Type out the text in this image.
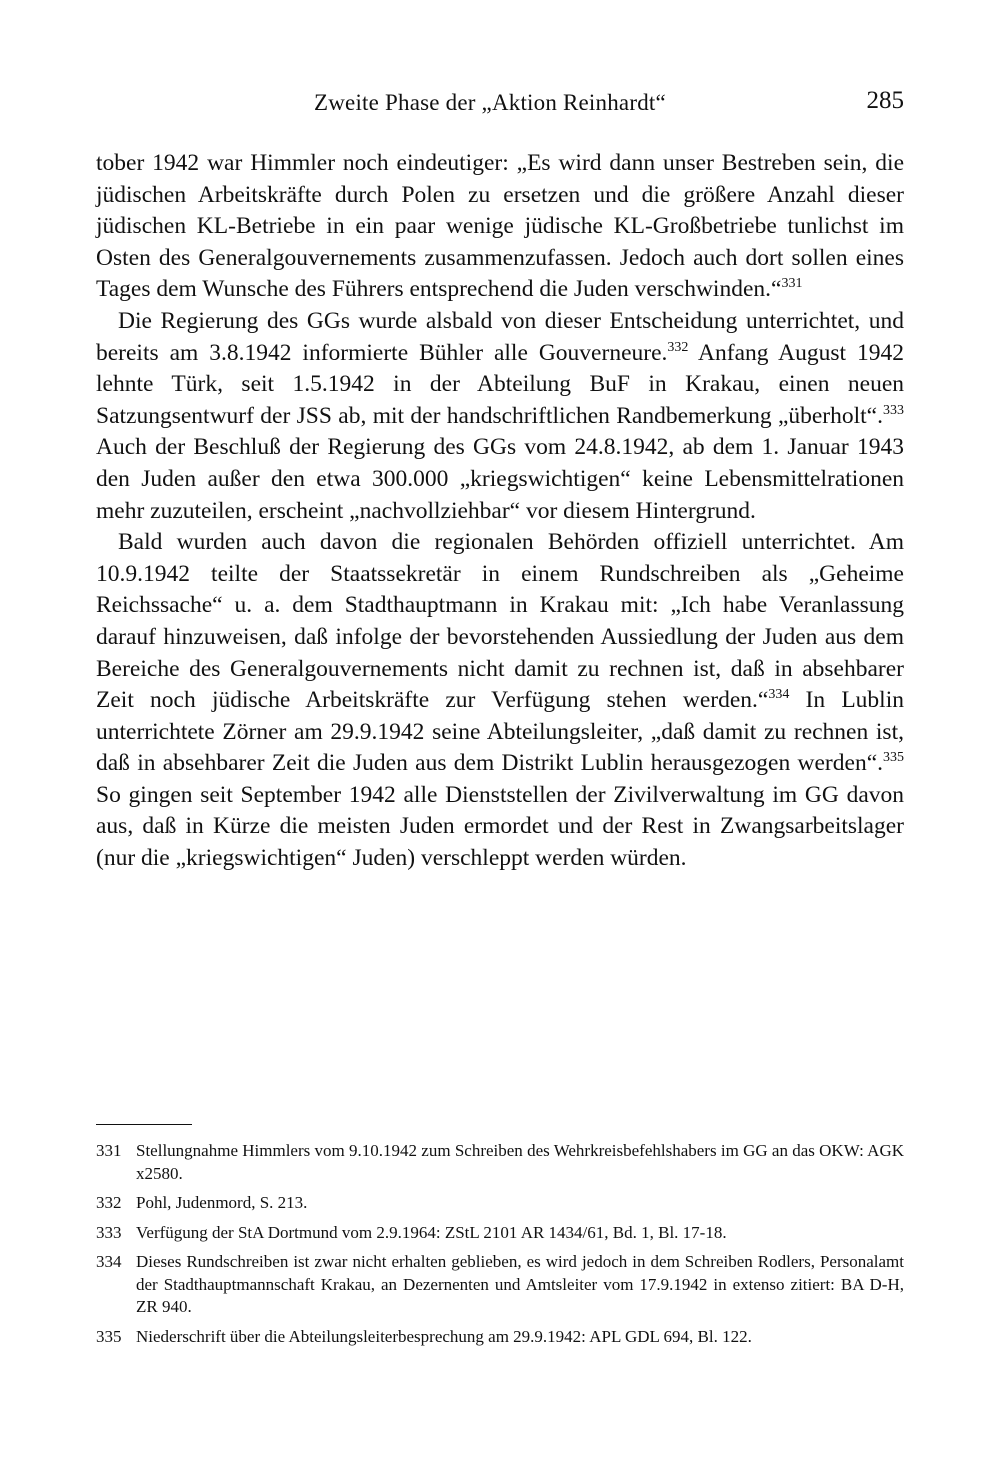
Zweite Phase der „Aktion Reinhardt“	285

tober 1942 war Himmler noch eindeutiger: „Es wird dann unser Bestreben sein, die jüdischen Arbeitskräfte durch Polen zu ersetzen und die größere Anzahl dieser jüdischen KL-Betriebe in ein paar wenige jüdische KL-Großbetriebe tunlichst im Osten des Generalgouvernements zusammenzufassen. Jedoch auch dort sollen eines Tages dem Wunsche des Führers entsprechend die Juden verschwinden.“$^{331}$

Die Regierung des GGs wurde alsbald von dieser Entscheidung unterrichtet, und bereits am 3.8.1942 informierte Bühler alle Gouverneure.$^{332}$ Anfang August 1942 lehnte Türk, seit 1.5.1942 in der Abteilung BuF in Krakau, einen neuen Satzungsentwurf der JSS ab, mit der handschriftlichen Randbemerkung „überholt“.$^{333}$ Auch der Beschluß der Regierung des GGs vom 24.8.1942, ab dem 1. Januar 1943 den Juden außer den etwa 300.000 „kriegswichtigen“ keine Lebensmittelrationen mehr zuzuteilen, erscheint „nachvollziehbar“ vor diesem Hintergrund.

Bald wurden auch davon die regionalen Behörden offiziell unterrichtet. Am 10.9.1942 teilte der Staatssekretär in einem Rundschreiben als „Geheime Reichssache“ u. a. dem Stadthauptmann in Krakau mit: „Ich habe Veranlassung darauf hinzuweisen, daß infolge der bevorstehenden Aussiedlung der Juden aus dem Bereiche des Generalgouvernements nicht damit zu rechnen ist, daß in absehbarer Zeit noch jüdische Arbeitskräfte zur Verfügung stehen werden.“$^{334}$ In Lublin unterrichtete Zörner am 29.9.1942 seine Abteilungsleiter, „daß damit zu rechnen ist, daß in absehbarer Zeit die Juden aus dem Distrikt Lublin herausgezogen werden“.$^{335}$ So gingen seit September 1942 alle Dienststellen der Zivilverwaltung im GG davon aus, daß in Kürze die meisten Juden ermordet und der Rest in Zwangsarbeitslager (nur die „kriegswichtigen“ Juden) verschleppt werden würden.

331 Stellungnahme Himmlers vom 9.10.1942 zum Schreiben des Wehrkreisbefehlshabers im GG an das OKW: AGK x2580.
332 Pohl, Judenmord, S. 213.
333 Verfügung der StA Dortmund vom 2.9.1964: ZStL 2101 AR 1434/61, Bd. 1, Bl. 17-18.
334 Dieses Rundschreiben ist zwar nicht erhalten geblieben, es wird jedoch in dem Schreiben Rodlers, Personalamt der Stadthauptmannschaft Krakau, an Dezernenten und Amtsleiter vom 17.9.1942 in extenso zitiert: BA D-H, ZR 940.
335 Niederschrift über die Abteilungsleiterbesprechung am 29.9.1942: APL GDL 694, Bl. 122.
